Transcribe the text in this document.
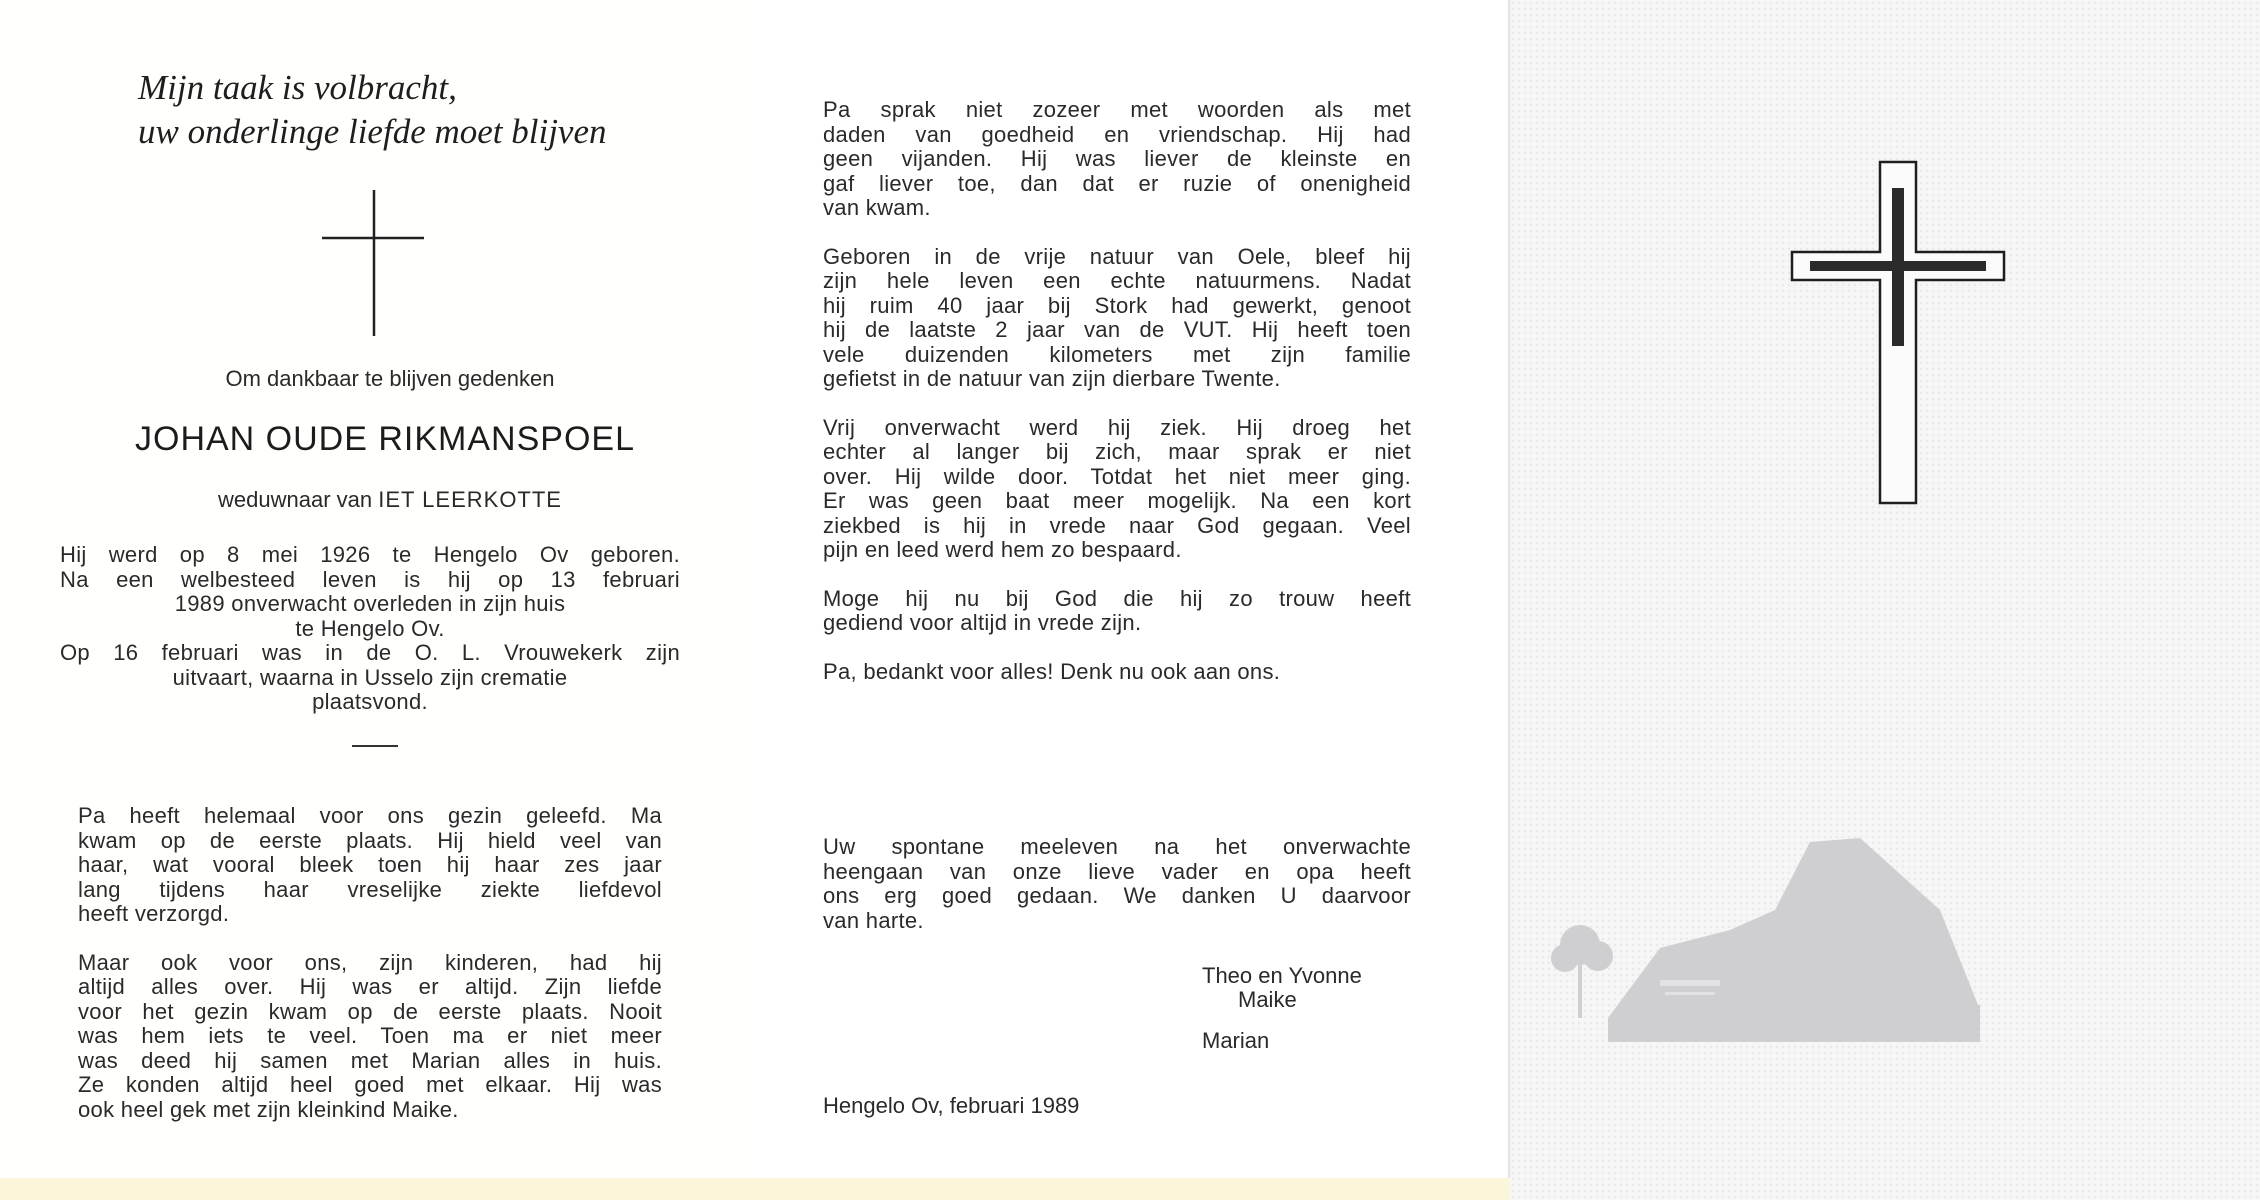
Mijn taak is volbracht,
uw onderlinge liefde moet blijven
Om dankbaar te blijven gedenken
JOHAN OUDE RIKMANSPOEL
weduwnaar van IET LEERKOTTE
Hij werd op 8 mei 1926 te Hengelo Ov geboren.
Na een welbesteed leven is hij op 13 februari
1989 onverwacht overleden in zijn huis
te Hengelo Ov.
Op 16 februari was in de O. L. Vrouwekerk zijn
uitvaart, waarna in Usselo zijn crematie
plaatsvond.
Pa heeft helemaal voor ons gezin geleefd. Ma
kwam op de eerste plaats. Hij hield veel van
haar, wat vooral bleek toen hij haar zes jaar
lang tijdens haar vreselijke ziekte liefdevol
heeft verzorgd.
Maar ook voor ons, zijn kinderen, had hij
altijd alles over. Hij was er altijd. Zijn liefde
voor het gezin kwam op de eerste plaats. Nooit
was hem iets te veel. Toen ma er niet meer
was deed hij samen met Marian alles in huis.
Ze konden altijd heel goed met elkaar. Hij was
ook heel gek met zijn kleinkind Maike.
Pa sprak niet zozeer met woorden als met
daden van goedheid en vriendschap. Hij had
geen vijanden. Hij was liever de kleinste en
gaf liever toe, dan dat er ruzie of onenigheid
van kwam.
Geboren in de vrije natuur van Oele, bleef hij
zijn hele leven een echte natuurmens. Nadat
hij ruim 40 jaar bij Stork had gewerkt, genoot
hij de laatste 2 jaar van de VUT. Hij heeft toen
vele duizenden kilometers met zijn familie
gefietst in de natuur van zijn dierbare Twente.
Vrij onverwacht werd hij ziek. Hij droeg het
echter al langer bij zich, maar sprak er niet
over. Hij wilde door. Totdat het niet meer ging.
Er was geen baat meer mogelijk. Na een kort
ziekbed is hij in vrede naar God gegaan. Veel
pijn en leed werd hem zo bespaard.
Moge hij nu bij God die hij zo trouw heeft
gediend voor altijd in vrede zijn.
Pa, bedankt voor alles! Denk nu ook aan ons.
Uw spontane meeleven na het onverwachte
heengaan van onze lieve vader en opa heeft
ons erg goed gedaan. We danken U daarvoor
van harte.
Theo en Yvonne
Maike
Marian
Hengelo Ov, februari 1989
